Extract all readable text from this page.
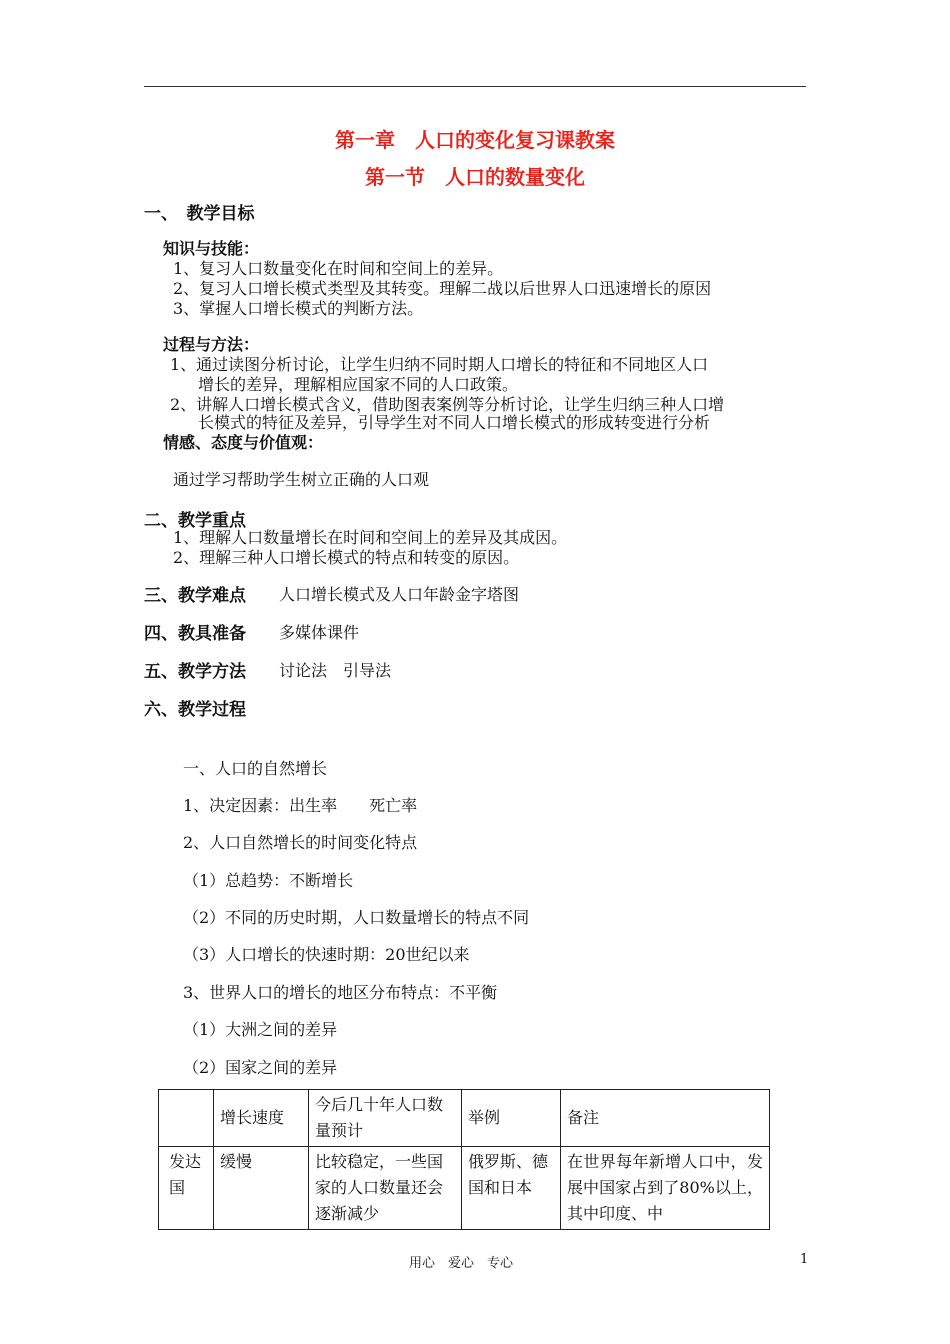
第一章　人口的变化复习课教案
第一节　人口的数量变化
一、　教学目标
知识与技能：
1、复习人口数量变化在时间和空间上的差异。
2、复习人口增长模式类型及其转变。理解二战以后世界人口迅速增长的原因
3、掌握人口增长模式的判断方法。
过程与方法：
1、通过读图分析讨论，让学生归纳不同时期人口增长的特征和不同地区人口
增长的差异，理解相应国家不同的人口政策。
2、讲解人口增长模式含义，借助图表案例等分析讨论，让学生归纳三种人口增
长模式的特征及差异，引导学生对不同人口增长模式的形成转变进行分析
情感、态度与价值观：
通过学习帮助学生树立正确的人口观
二、教学重点
1、理解人口数量增长在时间和空间上的差异及其成因。
2、理解三种人口增长模式的特点和转变的原因。
三、教学难点 人口增长模式及人口年龄金字塔图
四、教具准备 多媒体课件
五、教学方法 讨论法　引导法
六、教学过程
一、人口的自然增长
1、决定因素：出生率　　死亡率
2、人口自然增长的时间变化特点
（1）总趋势：不断增长
（2）不同的历史时期，人口数量增长的特点不同
（3）人口增长的快速时期：20世纪以来
3、世界人口的增长的地区分布特点：不平衡
（1）大洲之间的差异
（2）国家之间的差异
	增长速度	今后几十年人口数量预计	举例	备注
发达国	缓慢	比较稳定，一些国家的人口数量还会逐渐减少	俄罗斯、德国和日本	在世界每年新增人口中，发展中国家占到了80%以上，其中印度、中
用心　爱心　专心	1
